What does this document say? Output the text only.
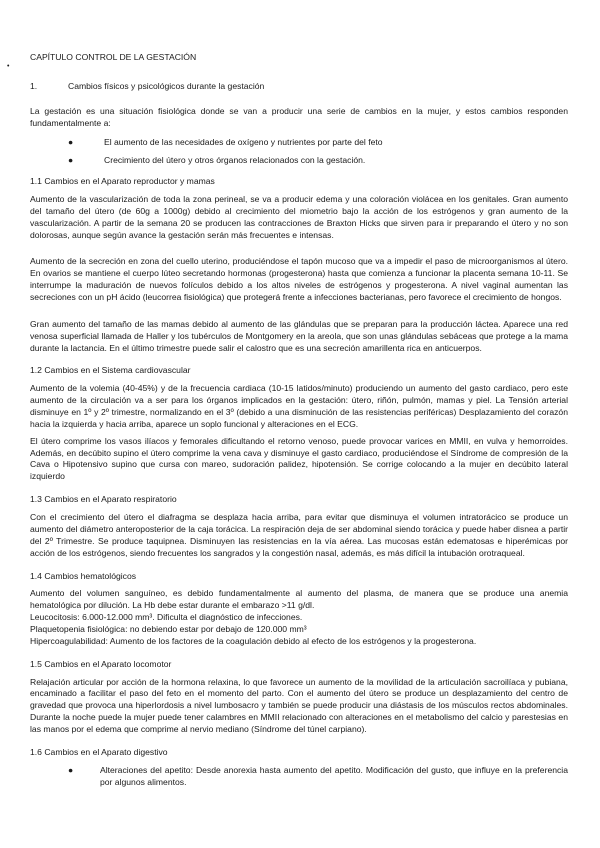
•
CAPÍTULO CONTROL DE LA GESTACIÓN
1.	Cambios físicos y psicológicos durante la gestación

La gestación es una situación fisiológica donde se van a producir una serie de cambios en la mujer, y estos cambios responden fundamentalmente a:

●	El aumento de las necesidades de oxígeno y nutrientes por parte del feto
●	Crecimiento del útero y otros órganos relacionados con la gestación.

1.1 Cambios en el Aparato reproductor y mamas

Aumento de la vascularización de toda la zona perineal, se va a producir edema y una coloración violácea en los genitales. Gran aumento del tamaño del útero (de 60g a 1000g) debido al crecimiento del miometrio bajo la acción de los estrógenos y gran aumento de la vascularización. A partir de la semana 20 se producen las contracciones de Braxton Hicks que sirven para ir preparando el útero y no son dolorosas, aunque según avance la gestación serán más frecuentes e intensas.

Aumento de la secreción en zona del cuello uterino, produciéndose el tapón mucoso que va a impedir el paso de microorganismos al útero. En ovarios se mantiene el cuerpo lúteo secretando hormonas (progesterona) hasta que comienza a funcionar la placenta semana 10-11. Se interrumpe la maduración de nuevos folículos debido a los altos niveles de estrógenos y progesterona. A nivel vaginal aumentan las secreciones con un pH ácido (leucorrea fisiológica) que protegerá frente a infecciones bacterianas, pero favorece el crecimiento de hongos.

Gran aumento del tamaño de las mamas debido al aumento de las glándulas que se preparan para la producción láctea. Aparece una red venosa superficial llamada de Haller y los tubérculos de Montgomery en la areola, que son unas glándulas sebáceas que protege a la mama durante la lactancia. En el último trimestre puede salir el calostro que es una secreción amarillenta rica en anticuerpos.

1.2 Cambios en el Sistema cardiovascular

Aumento de la volemia (40-45%) y de la frecuencia cardiaca (10-15 latidos/minuto) produciendo un aumento del gasto cardiaco, pero este aumento de la circulación va a ser para los órganos implicados en la gestación: útero, riñón, pulmón, mamas y piel. La Tensión arterial disminuye en 1º y 2º trimestre, normalizando en el 3º (debido a una disminución de las resistencias periféricas) Desplazamiento del corazón hacia la izquierda y hacia arriba, aparece un soplo funcional y alteraciones en el ECG.

El útero comprime los vasos ilíacos y femorales dificultando el retorno venoso, puede provocar varices en MMII, en vulva y hemorroides. Además, en decúbito supino el útero comprime la vena cava y disminuye el gasto cardiaco, produciéndose el Síndrome de compresión de la Cava o Hipotensivo supino que cursa con mareo, sudoración palidez, hipotensión. Se corrige colocando a la mujer en decúbito lateral izquierdo

1.3 Cambios en el Aparato respiratorio

Con el crecimiento del útero el diafragma se desplaza hacia arriba, para evitar que disminuya el volumen intratorácico se produce un aumento del diámetro anteroposterior de la caja torácica. La respiración deja de ser abdominal siendo torácica y puede haber disnea a partir del 2º Trimestre. Se produce taquipnea. Disminuyen las resistencias en la vía aérea. Las mucosas están edematosas e hiperémicas por acción de los estrógenos, siendo frecuentes los sangrados y la congestión nasal, además, es más difícil la intubación orotraqueal.

1.4 Cambios hematológicos

Aumento del volumen sanguíneo, es debido fundamentalmente al aumento del plasma, de manera que se produce una anemia hematológica por dilución. La Hb debe estar durante el embarazo >11 g/dl.

Leucocitosis: 6.000-12.000 mm³. Dificulta el diagnóstico de infecciones.

Plaquetopenia fisiológica: no debiendo estar por debajo de 120.000 mm³

Hipercoagulabilidad: Aumento de los factores de la coagulación debido al efecto de los estrógenos y la progesterona.

1.5 Cambios en el Aparato locomotor

Relajación articular por acción de la hormona relaxina, lo que favorece un aumento de la movilidad de la articulación sacroilíaca y pubiana, encaminado a facilitar el paso del feto en el momento del parto. Con el aumento del útero se produce un desplazamiento del centro de gravedad que provoca una hiperlordosis a nivel lumbosacro y también se puede producir una diástasis de los músculos rectos abdominales. Durante la noche puede la mujer puede tener calambres en MMII relacionado con alteraciones en el metabolismo del calcio y parestesias en las manos por el edema que comprime al nervio mediano (Síndrome del túnel carpiano).

1.6 Cambios en el Aparato digestivo

●	Alteraciones del apetito: Desde anorexia hasta aumento del apetito. Modificación del gusto, que influye en la preferencia por algunos alimentos.
